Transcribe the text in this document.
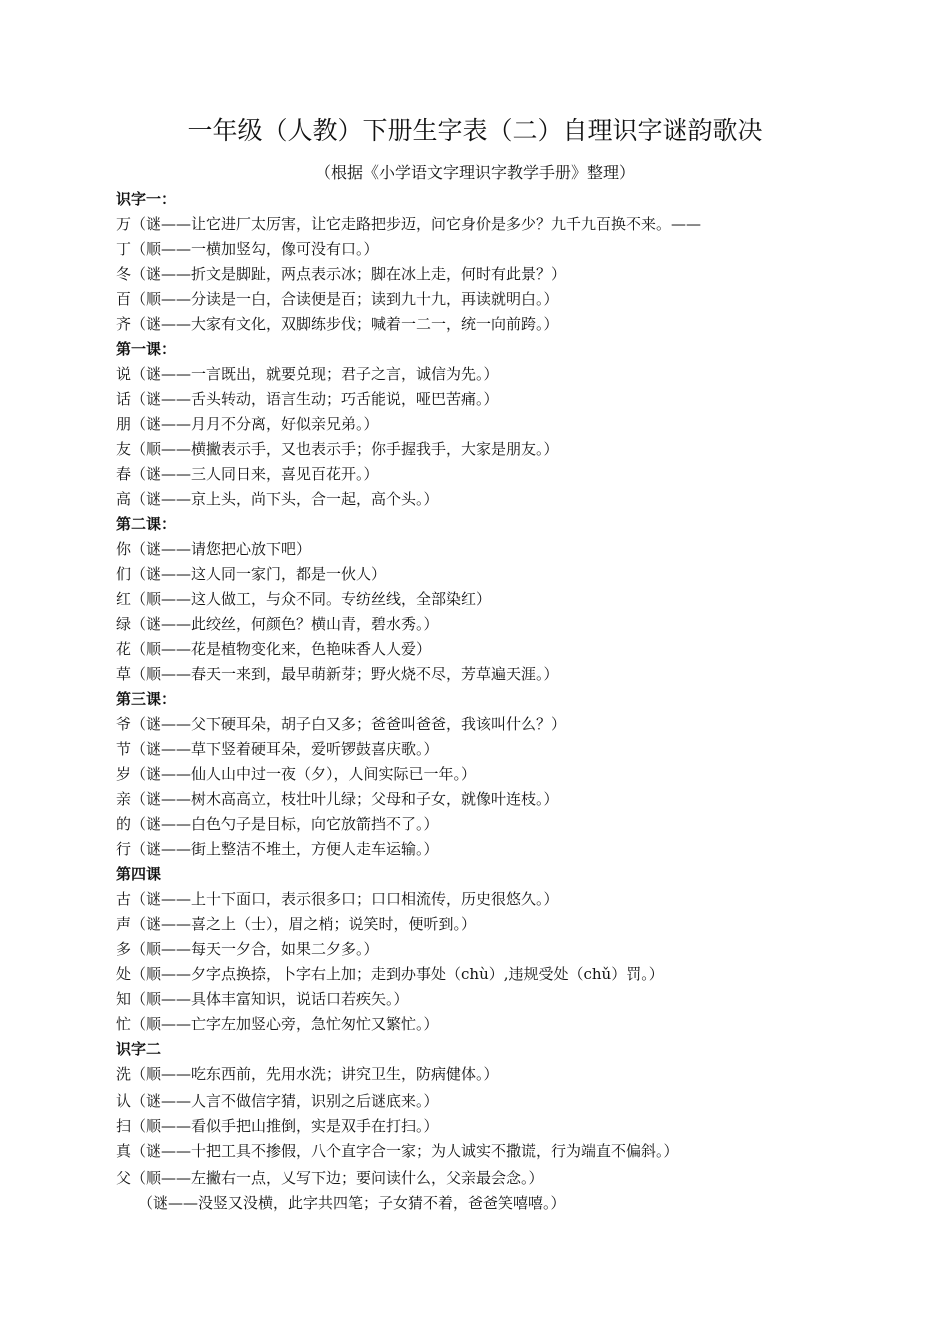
一年级（人教）下册生字表（二）自理识字谜韵歌决
（根据《小学语文字理识字教学手册》整理）
识字一：
万（谜——让它进厂太厉害，让它走路把步迈，问它身价是多少？九千九百换不来。——
丁（顺——一横加竖勾，像可没有口。）
冬（谜——折文是脚趾，两点表示冰；脚在冰上走，何时有此景？）
百（顺——分读是一白，合读便是百；读到九十九，再读就明白。）
齐（谜——大家有文化，双脚练步伐；喊着一二一，统一向前跨。）
第一课：
说（谜——一言既出，就要兑现；君子之言，诚信为先。）
话（谜——舌头转动，语言生动；巧舌能说，哑巴苦痛。）
朋（谜——月月不分离，好似亲兄弟。）
友（顺——横撇表示手，又也表示手；你手握我手，大家是朋友。）
春（谜——三人同日来，喜见百花开。）
高（谜——京上头，尚下头，合一起，高个头。）
第二课：
你（谜——请您把心放下吧）
们（谜——这人同一家门，都是一伙人）
红（顺——这人做工，与众不同。专纺丝线，全部染红）
绿（谜——此绞丝，何颜色？横山青，碧水秀。）
花（顺——花是植物变化来，色艳味香人人爱）
草（顺——春天一来到，最早萌新芽；野火烧不尽，芳草遍天涯。）
第三课：
爷（谜——父下硬耳朵，胡子白又多；爸爸叫爸爸，我该叫什么？）
节（谜——草下竖着硬耳朵，爱听锣鼓喜庆歌。）
岁（谜——仙人山中过一夜（夕），人间实际已一年。）
亲（谜——树木高高立，枝壮叶儿绿；父母和子女，就像叶连枝。）
的（谜——白色勺子是目标，向它放箭挡不了。）
行（谜——街上整洁不堆土，方便人走车运输。）
第四课
古（谜——上十下面口，表示很多口；口口相流传，历史很悠久。）
声（谜——喜之上（士），眉之梢；说笑时，便听到。）
多（顺——每天一夕合，如果二夕多。）
处（顺——夕字点换捺，卜字右上加；走到办事处（chù）,违规受处（chǔ）罚。）
知（顺——具体丰富知识，说话口若疾矢。）
忙（顺——亡字左加竖心旁，急忙匆忙又繁忙。）
识字二
洗（顺——吃东西前，先用水洗；讲究卫生，防病健体。）
认（谜——人言不做信字猜，识别之后谜底来。）
扫（顺——看似手把山推倒，实是双手在打扫。）
真（谜——十把工具不掺假，八个直字合一家；为人诚实不撒谎，行为端直不偏斜。）
父（顺——左撇右一点，乂写下边；要问读什么，父亲最会念。）
（谜——没竖又没横，此字共四笔；子女猜不着，爸爸笑嘻嘻。）
